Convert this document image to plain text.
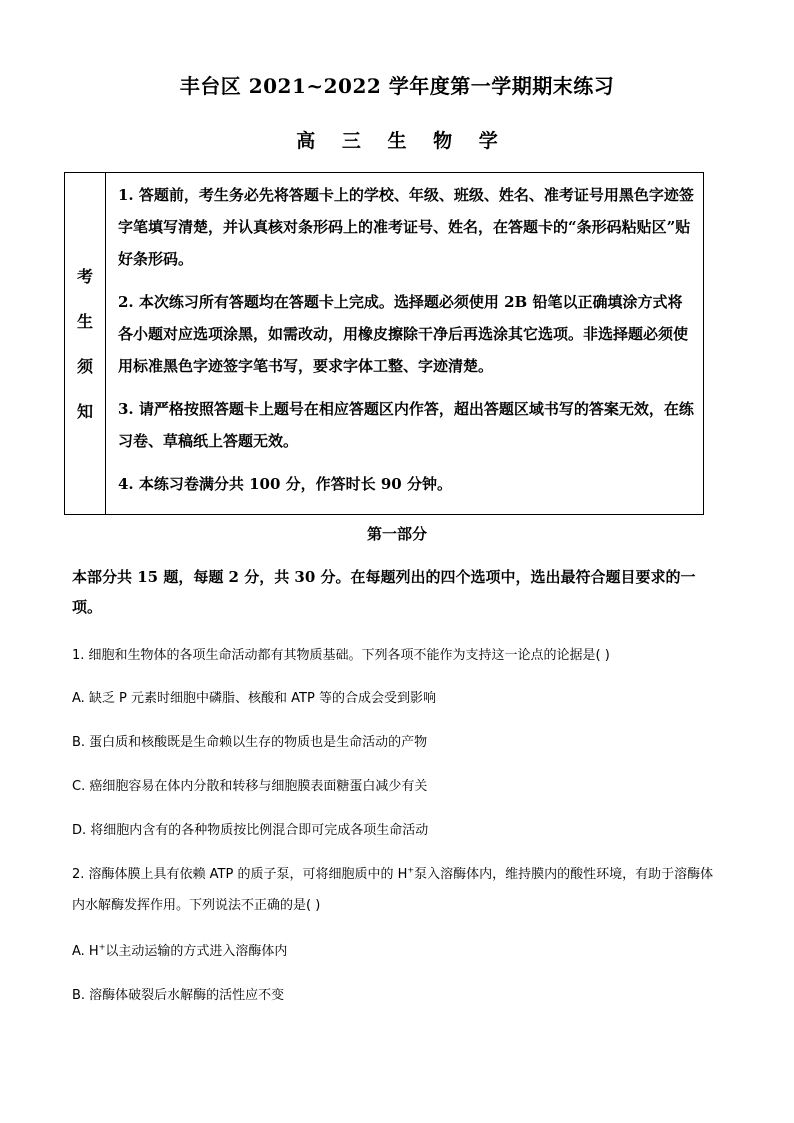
丰台区 2021~2022 学年度第一学期期末练习
高 三 生 物 学
考
生
须
知

1. 答题前，考生务必先将答题卡上的学校、年级、班级、姓名、准考证号用黑色字迹签字笔填写清楚，并认真核对条形码上的准考证号、姓名，在答题卡的“条形码粘贴区”贴好条形码。

2. 本次练习所有答题均在答题卡上完成。选择题必须使用 2B 铅笔以正确填涂方式将各小题对应选项涂黑，如需改动，用橡皮擦除干净后再选涂其它选项。非选择题必须使用标准黑色字迹签字笔书写，要求字体工整、字迹清楚。

3. 请严格按照答题卡上题号在相应答题区内作答，超出答题区域书写的答案无效，在练习卷、草稿纸上答题无效。

4. 本练习卷满分共 100 分，作答时长 90 分钟。

第一部分
本部分共 15 题，每题 2 分，共 30 分。在每题列出的四个选项中，选出最符合题目要求的一项。
1. 细胞和生物体的各项生命活动都有其物质基础。下列各项不能作为支持这一论点的论据是( )
A. 缺乏 P 元素时细胞中磷脂、核酸和 ATP 等的合成会受到影响
B. 蛋白质和核酸既是生命赖以生存的物质也是生命活动的产物
C. 癌细胞容易在体内分散和转移与细胞膜表面糖蛋白减少有关
D. 将细胞内含有的各种物质按比例混合即可完成各项生命活动
2. 溶酶体膜上具有依赖 ATP 的质子泵，可将细胞质中的 H+泵入溶酶体内，维持膜内的酸性环境，有助于溶酶体内水解酶发挥作用。下列说法不正确的是( )
A. H+以主动运输的方式进入溶酶体内
B. 溶酶体破裂后水解酶的活性应不变
